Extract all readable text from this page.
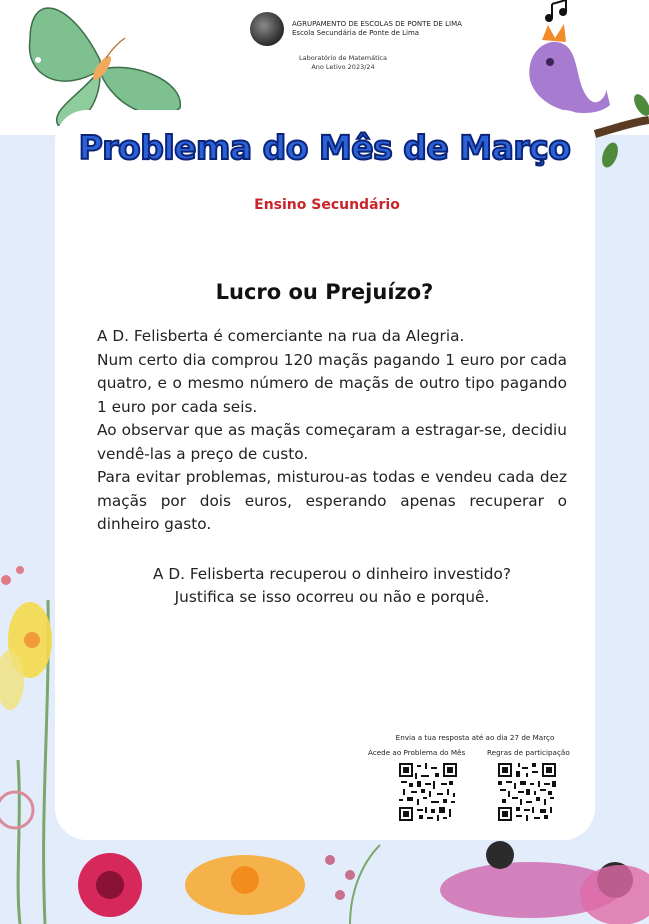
AGRUPAMENTO DE ESCOLAS DE PONTE DE LIMA
Escola Secundária de Ponte de Lima
Laboratório de Matemática
Ano Letivo 2023/24
Problema do Mês de Março
Ensino Secundário
Lucro ou Prejuízo?

A D. Felisberta é comerciante na rua da Alegria.

Num certo dia comprou 120 maçãs pagando 1 euro por cada quatro, e o mesmo número de maçãs de outro tipo pagando 1 euro por cada seis.

Ao observar que as maçãs começaram a estragar-se, decidiu vendê-las a preço de custo.

Para evitar problemas, misturou-as todas e vendeu cada dez maçãs por dois euros, esperando apenas recuperar o dinheiro gasto.

A D. Felisberta recuperou o dinheiro investido?

Justifica se isso ocorreu ou não e porquê.

Envia a tua resposta até ao dia 27 de Março
Acede ao Problema do Mês	Regras de participação
